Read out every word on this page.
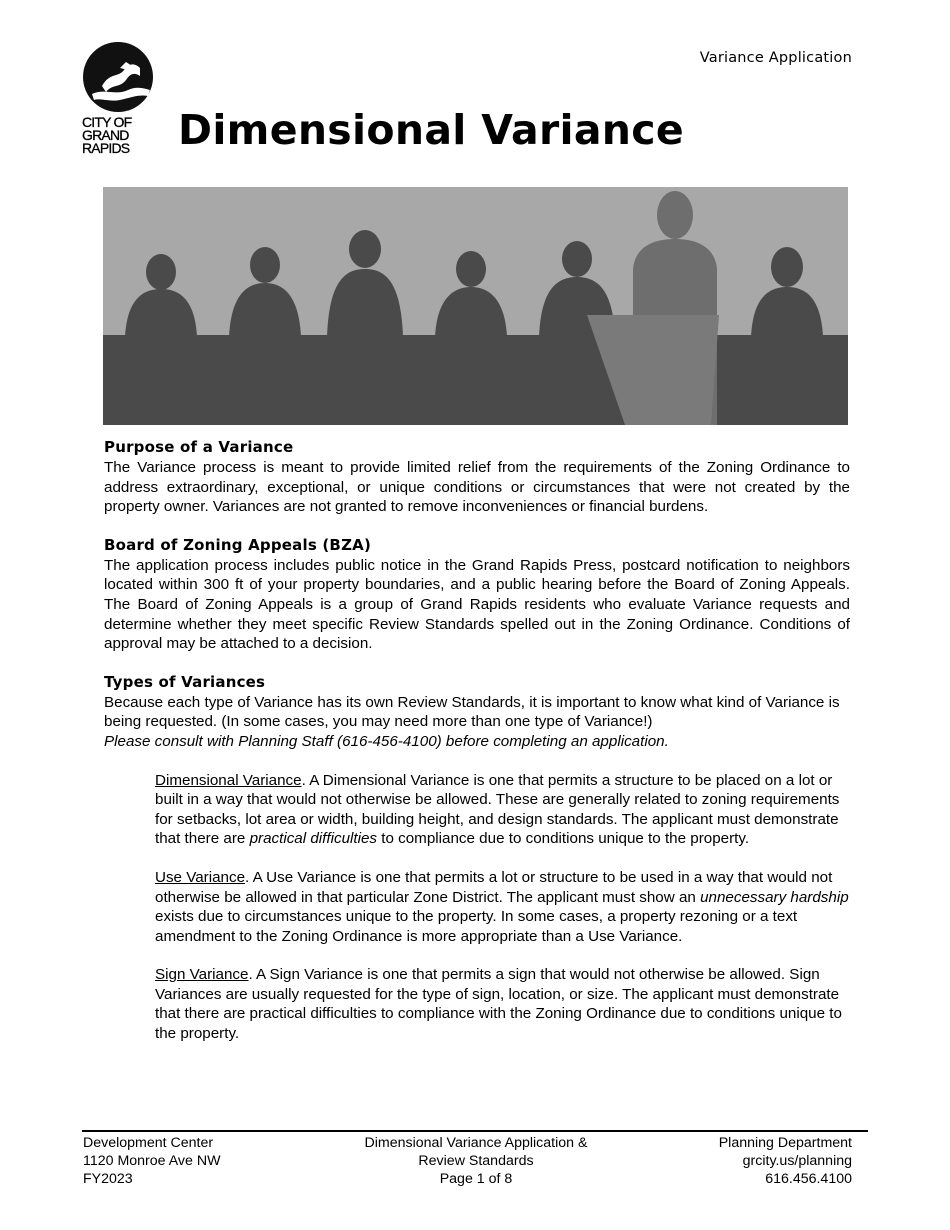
Variance Application
CITY OF
GRAND
RAPIDS	Dimensional Variance
Purpose of a Variance

The Variance process is meant to provide limited relief from the requirements of the Zoning Ordinance to address extraordinary, exceptional, or unique conditions or circumstances that were not created by the property owner. Variances are not granted to remove inconveniences or financial burdens.

Board of Zoning Appeals (BZA)

The application process includes public notice in the Grand Rapids Press, postcard notification to neighbors located within 300 ft of your property boundaries, and a public hearing before the Board of Zoning Appeals. The Board of Zoning Appeals is a group of Grand Rapids residents who evaluate Variance requests and determine whether they meet specific Review Standards spelled out in the Zoning Ordinance. Conditions of approval may be attached to a decision.

Types of Variances

Because each type of Variance has its own Review Standards, it is important to know what kind of Variance is being requested. (In some cases, you may need more than one type of Variance!)

Please consult with Planning Staff (616-456-4100) before completing an application.

Dimensional Variance. A Dimensional Variance is one that permits a structure to be placed on a lot or built in a way that would not otherwise be allowed. These are generally related to zoning requirements for setbacks, lot area or width, building height, and design standards. The applicant must demonstrate that there are practical difficulties to compliance due to conditions unique to the property.

Use Variance. A Use Variance is one that permits a lot or structure to be used in a way that would not otherwise be allowed in that particular Zone District. The applicant must show an unnecessary hardship exists due to circumstances unique to the property. In some cases, a property rezoning or a text amendment to the Zoning Ordinance is more appropriate than a Use Variance.

Sign Variance. A Sign Variance is one that permits a sign that would not otherwise be allowed. Sign Variances are usually requested for the type of sign, location, or size. The applicant must demonstrate that there are practical difficulties to compliance with the Zoning Ordinance due to conditions unique to the property.

Development Center
1120 Monroe Ave NW
FY2023
Dimensional Variance Application &
Review Standards
Page 1 of 8
Planning Department
grcity.us/planning
616.456.4100
